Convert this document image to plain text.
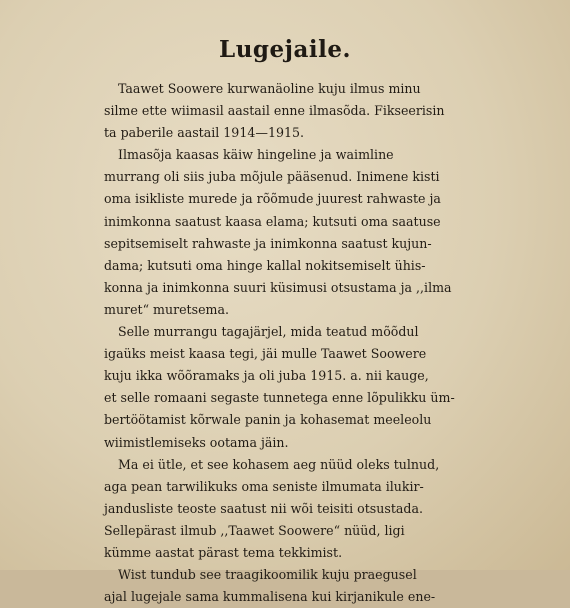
Lugejaile.
Taawet Soowere kurwanäoline kuju ilmus minu
silme ette wiimasil aastail enne ilmasõda. Fikseerisin
ta paberile aastail 1914—1915.
Ilmasõja kaasas käiw hingeline ja waimline
murrang oli siis juba mõjule pääsenud. Inimene kisti
oma isikliste murede ja rõõmude juurest rahwaste ja
inimkonna saatust kaasa elama; kutsuti oma saatuse
sepitsemiselt rahwaste ja inimkonna saatust kujun-
dama; kutsuti oma hinge kallal nokitsemiselt ühis-
konna ja inimkonna suuri küsimusi otsustama ja ,,ilma
muret“ muretsema.
Selle murrangu tagajärjel, mida teatud mõõdul
igaüks meist kaasa tegi, jäi mulle Taawet Soowere
kuju ikka wõõramaks ja oli juba 1915. a. nii kauge,
et selle romaani segaste tunnetega enne lõpulikku üm-
bertöötamist kõrwale panin ja kohasemat meeleolu
wiimistlemiseks ootama jäin.
Ma ei ütle, et see kohasem aeg nüüd oleks tulnud,
aga pean tarwilikuks oma seniste ilmumata ilukir-
jandusliste teoste saatust nii wõi teisiti otsustada.
Sellepärast ilmub ,,Taawet Soowere“ nüüd, ligi
kümme aastat pärast tema tekkimist.
Wist tundub see traagikoomilik kuju praegusel
ajal lugejale sama kummalisena kui kirjanikule ene-
